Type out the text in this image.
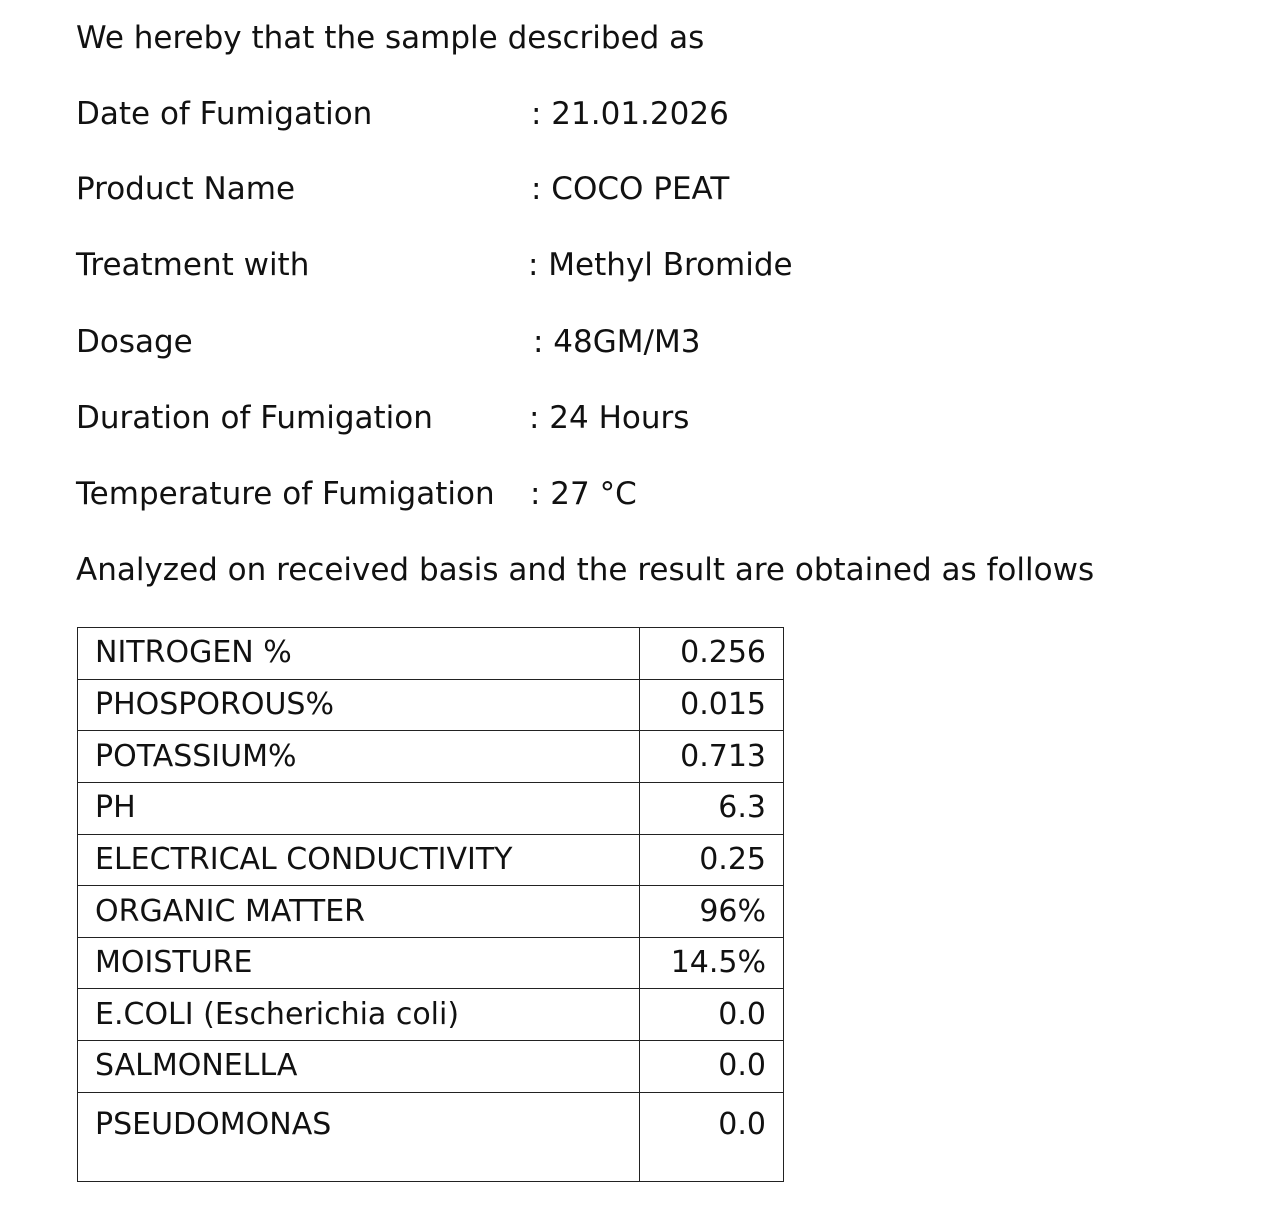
We hereby that the sample described as
Date of Fumigation	: 21.01.2026
Product Name	: COCO PEAT
Treatment with	: Methyl Bromide
Dosage	: 48GM/M3
Duration of Fumigation	: 24 Hours
Temperature of Fumigation : 27 °C
Analyzed on received basis and the result are obtained as follows
NITROGEN %	0.256
PHOSPOROUS%	0.015
POTASSIUM%	0.713
PH	6.3
ELECTRICAL CONDUCTIVITY	0.25
ORGANIC MATTER	96%
MOISTURE	14.5%
E.COLI (Escherichia coli)	0.0
SALMONELLA	0.0
PSEUDOMONAS	0.0
